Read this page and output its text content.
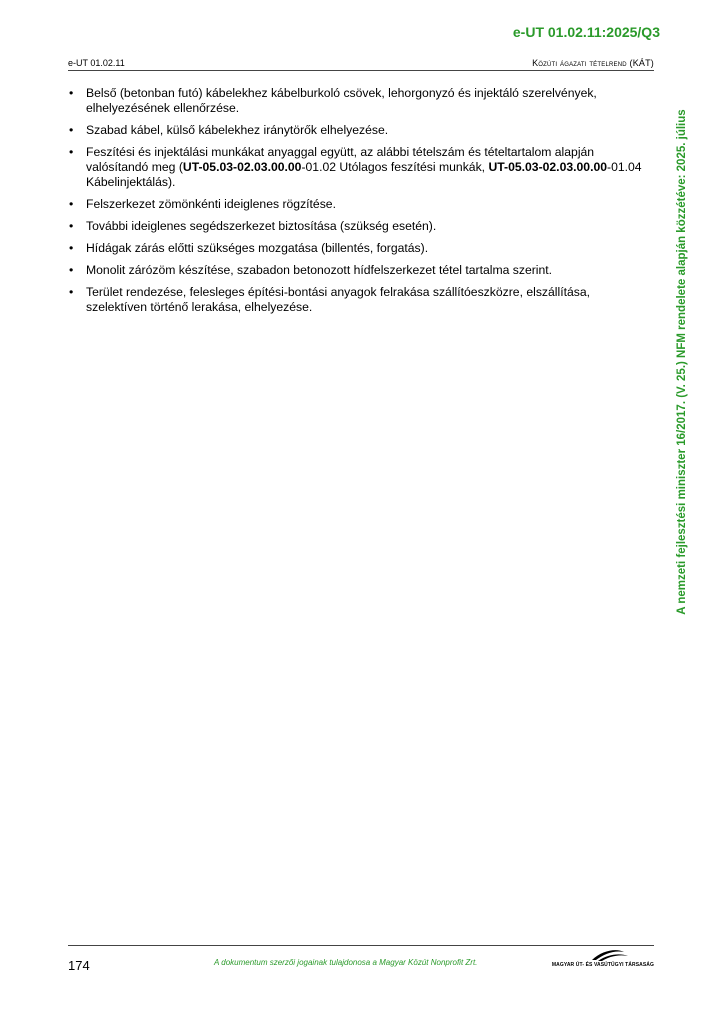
e-UT 01.02.11:2025/Q3
e-UT 01.02.11	Közúti ágazati tételrend (KÁT)
• Belső (betonban futó) kábelekhez kábelburkoló csövek, lehorgonyzó és injektáló szerelvények, elhelyezésének ellenőrzése.
• Szabad kábel, külső kábelekhez iránytörők elhelyezése.
• Feszítési és injektálási munkákat anyaggal együtt, az alábbi tételszám és tételtartalom alapján valósítandó meg (UT-05.03-02.03.00.00-01.02 Utólagos feszítési munkák, UT-05.03-02.03.00.00-01.04 Kábelinjektálás).
• Felszerkezet zömönkénti ideiglenes rögzítése.
• További ideiglenes segédszerkezet biztosítása (szükség esetén).
• Hídágak zárás előtti szükséges mozgatása (billentés, forgatás).
• Monolit zárózöm készítése, szabadon betonozott hídfelszerkezet tétel tartalma szerint.
• Terület rendezése, felesleges építési-bontási anyagok felrakása szállítóeszközre, elszállítása, szelektíven történő lerakása, elhelyezése.	A nemzeti fejlesztési miniszter 16/2017. (V. 25.) NFM rendelete alapján közzétéve: 2025. július
174	A dokumentum szerzői jogainak tulajdonosa a Magyar Közút Nonprofit Zrt.	MAGYAR ÚT- ÉS VASÚTÜGYI TÁRSASÁG
